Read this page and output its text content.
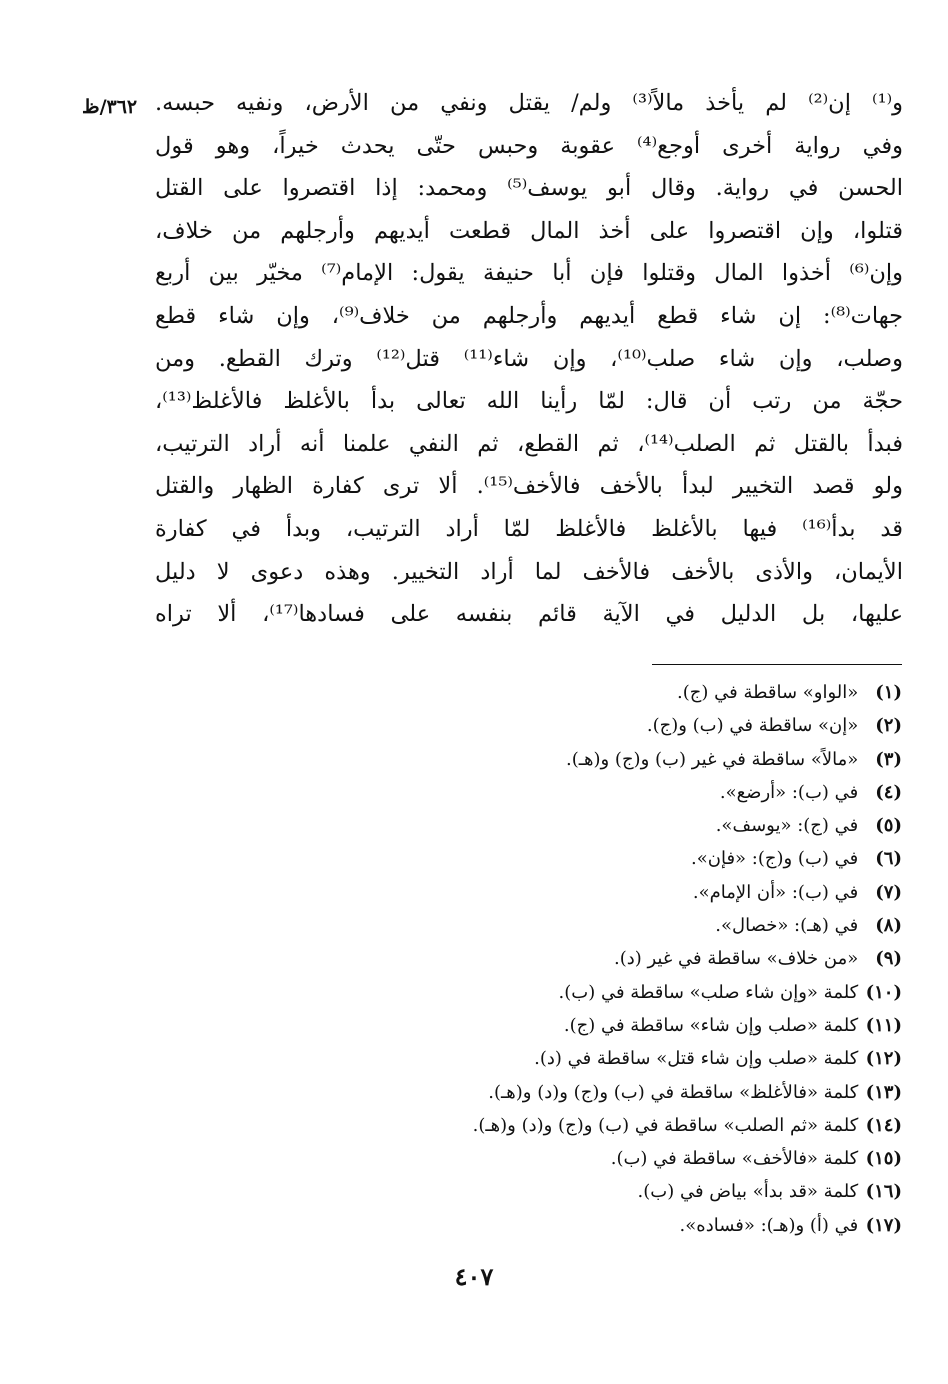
٣٦٢/ظ و⁽¹⁾ إن⁽²⁾ لم يأخذ مالاً⁽³⁾ ولم/ يقتل ونفي من الأرض، ونفيه حبسه.
وفي رواية أخرى أوجع⁽⁴⁾ عقوبة وحبس حتّى يحدث خيراً، وهو قول
الحسن في رواية. وقال أبو يوسف⁽⁵⁾ ومحمد: إذا اقتصروا على القتل
قتلوا، وإن اقتصروا على أخذ المال قطعت أيديهم وأرجلهم من خلاف،
وإن⁽⁶⁾ أخذوا المال وقتلوا فإن أبا حنيفة يقول: الإمام⁽⁷⁾ مخيّر بين أربع
جهات⁽⁸⁾: إن شاء قطع أيديهم وأرجلهم من خلاف⁽⁹⁾، وإن شاء قطع
وصلب، وإن شاء صلب⁽¹⁰⁾، وإن شاء⁽¹¹⁾ قتل⁽¹²⁾ وترك القطع. ومن
حجّة من رتب أن قال: لمّا رأينا الله تعالى بدأ بالأغلظ فالأغلظ⁽¹³⁾،
فبدأ بالقتل ثم الصلب⁽¹⁴⁾، ثم القطع، ثم النفي علمنا أنه أراد الترتيب،
ولو قصد التخيير لبدأ بالأخف فالأخف⁽¹⁵⁾. ألا ترى كفارة الظهار والقتل
قد بدأ⁽¹⁶⁾ فيها بالأغلظ فالأغلظ لمّا أراد الترتيب، وبدأ في كفارة
الأيمان، والأذى بالأخف فالأخف لما أراد التخيير. وهذه دعوى لا دليل
عليها، بل الدليل في الآية قائم بنفسه على فسادها⁽¹⁷⁾، ألا تراه
(١) «الواو» ساقطة في (ج).
(٢) «إن» ساقطة في (ب) و(ج).
(٣) «مالاً» ساقطة في غير (ب) و(ج) و(هـ).
(٤) في (ب): «أرضع».
(٥) في (ج): «يوسف».
(٦) في (ب) و(ج): «فإن».
(٧) في (ب): «أن الإمام».
(٨) في (هـ): «خصال».
(٩) «من خلاف» ساقطة في غير (د).
(١٠) كلمة «وإن شاء صلب» ساقطة في (ب).
(١١) كلمة «صلب وإن شاء» ساقطة في (ج).
(١٢) كلمة «صلب وإن شاء قتل» ساقطة في (د).
(١٣) كلمة «فالأغلظ» ساقطة في (ب) و(ج) و(د) و(هـ).
(١٤) كلمة «ثم الصلب» ساقطة في (ب) و(ج) و(د) و(هـ).
(١٥) كلمة «فالأخف» ساقطة في (ب).
(١٦) كلمة «قد بدأ» بياض في (ب).
(١٧) في (أ) و(هـ): «فساده».
٤٠٧
